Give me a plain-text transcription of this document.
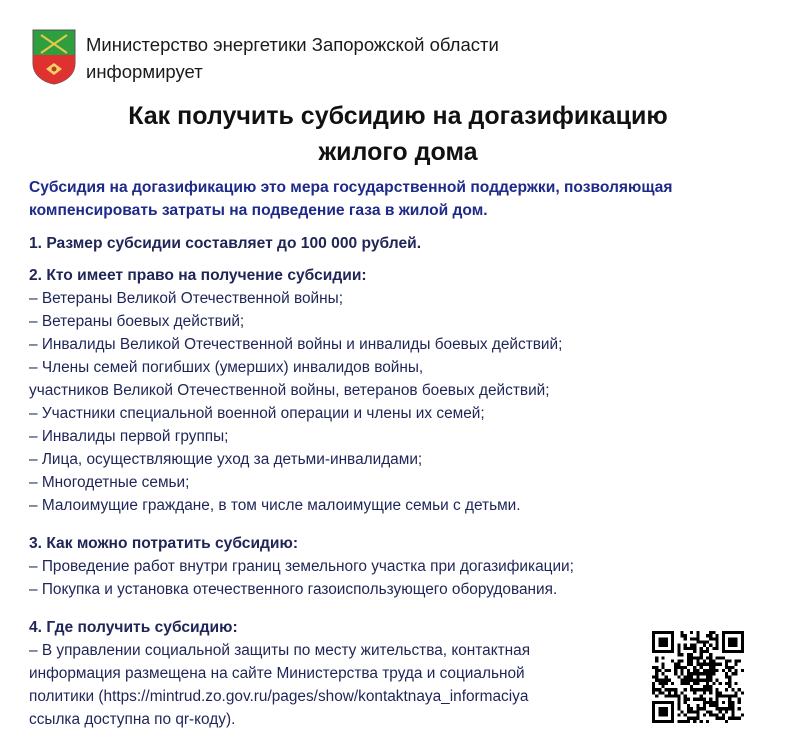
Министерство энергетики Запорожской области
информирует
Как получить субсидию на догазификацию
жилого дома
Субсидия на догазификацию это мера государственной поддержки, позволяющая
компенсировать затраты на подведение газа в жилой дом.
1. Размер субсидии составляет до 100 000 рублей.
2. Кто имеет право на получение субсидии:
– Ветераны Великой Отечественной войны;
– Ветераны боевых действий;
– Инвалиды Великой Отечественной войны и инвалиды боевых действий;
– Члены семей погибших (умерших) инвалидов войны,
участников Великой Отечественной войны, ветеранов боевых действий;
– Участники специальной военной операции и члены их семей;
– Инвалиды первой группы;
– Лица, осуществляющие уход за детьми-инвалидами;
– Многодетные семьи;
– Малоимущие граждане, в том числе малоимущие семьи с детьми.
3. Как можно потратить субсидию:
– Проведение работ внутри границ земельного участка при догазификации;
– Покупка и установка отечественного газоиспользующего оборудования.
4. Где получить субсидию:
– В управлении социальной защиты по месту жительства, контактная
информация размещена на сайте Министерства труда и социальной
политики (https://mintrud.zo.gov.ru/pages/show/kontaktnaya_informaciya
ссылка доступна по qr-коду).
